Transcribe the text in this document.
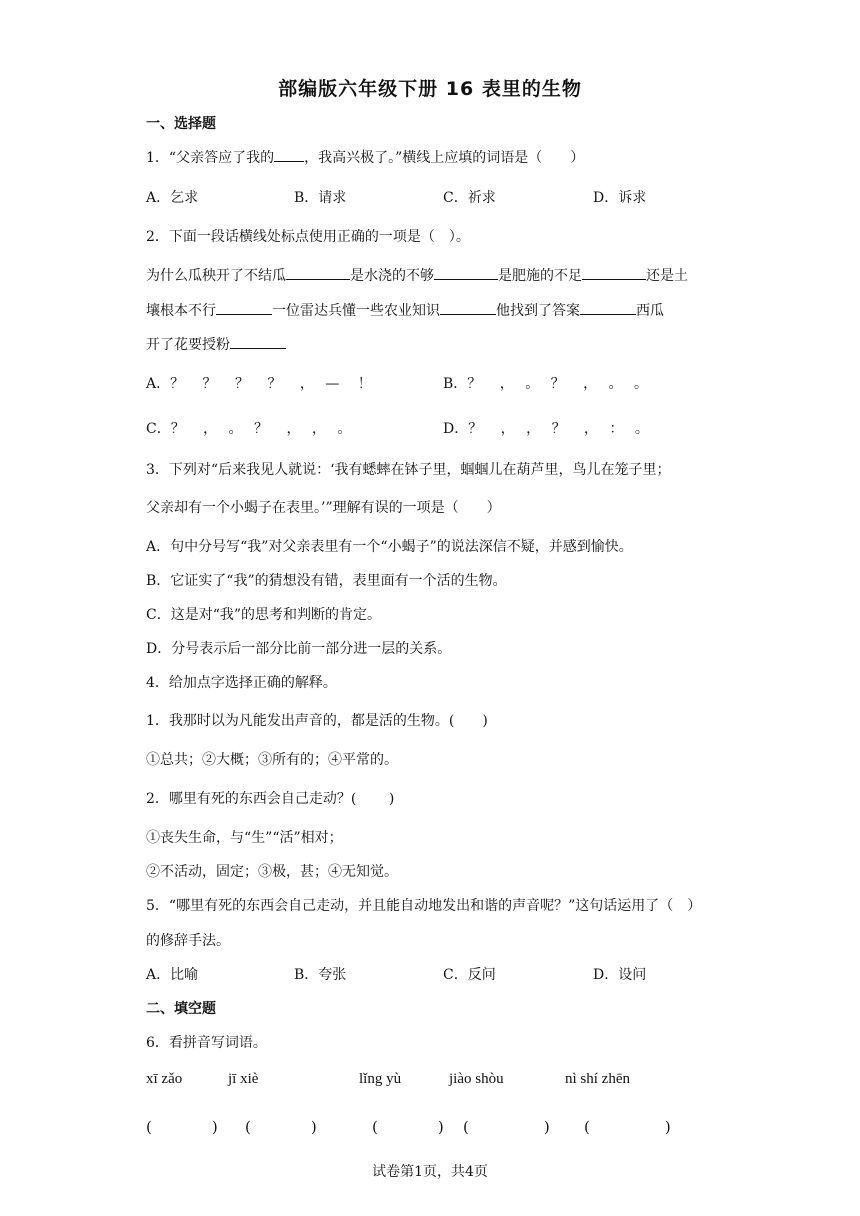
部编版六年级下册 16 表里的生物
一、选择题
1．“父亲答应了我的 ，我高兴极了。”横线上应填的词语是（　　）
A．乞求	B．请求	C．祈求	D．诉求
2．下面一段话横线处标点使用正确的一项是（　）。
为什么瓜秧开了不结瓜	是水浇的不够	是肥施的不足	还是土
壤根本不行	一位雷达兵懂一些农业知识	他找到了答案	西瓜
开了花要授粉
A．？　 ？　 ？　 ？　 ，　 —　 ！	B．？　 ，　 。　 ？　 ，　 。　 。
C．？　 ，　 。　 ？　 ，　 ，　 。	D．？　 ，　 ，　 ？　 ，　 ：　 。
3．下列对“后来我见人就说：‘我有蟋蟀在钵子里，蝈蝈儿在葫芦里，鸟儿在笼子里；
父亲却有一个小蝎子在表里。’”理解有误的一项是（　　）
A．句中分号写“我”对父亲表里有一个“小蝎子”的说法深信不疑，并感到愉快。
B．它证实了“我”的猜想没有错，表里面有一个活的生物。
C．这是对“我”的思考和判断的肯定。
D．分号表示后一部分比前一部分进一层的关系。
4．给加点字选择正确的解释。
1．我那时以为凡能发出声音的，都是活的生物。(　　)
①总共；②大概；③所有的；④平常的。
2．哪里有死的东西会自己走动？(　　 )
①丧失生命，与“生”“活”相对；
②不活动，固定；③极，甚；④无知觉。
5．“哪里有死的东西会自己走动，并且能自动地发出和谐的声音呢？”这句话运用了（　）
的修辞手法。
A．比喻	B．夸张	C．反问	D．设问
二、填空题
6．看拼音写词语。
xī zǎo	jī xiè	lǐng yù	jiào shòu	nì shí zhēn
(　　　　) (　　　　)	(　　　　) (　　　　　) (　　　　　)
试卷第1页，共4页
